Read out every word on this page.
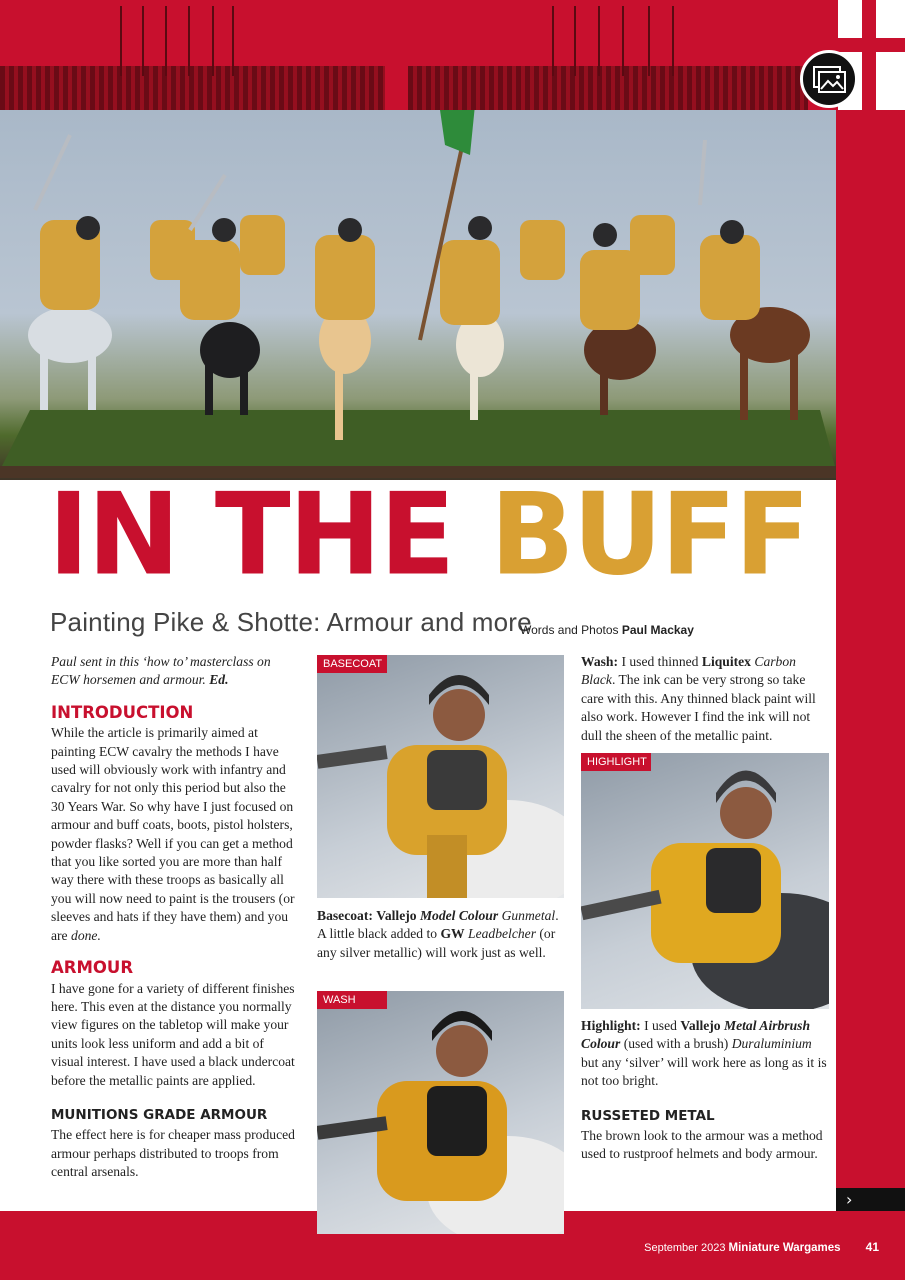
IN THE BUFF
Painting Pike & Shotte: Armour and more
Words and Photos Paul Mackay

Paul sent in this ‘how to’ masterclass on ECW horsemen and armour. Ed.

INTRODUCTION

While the article is primarily aimed at painting ECW cavalry the methods I have used will obviously work with infantry and cavalry for not only this period but also the 30 Years War. So why have I just focused on armour and buff coats, boots, pistol holsters, powder flasks? Well if you can get a method that you like sorted you are more than half way there with these troops as basically all you will now need to paint is the trousers (or sleeves and hats if they have them) and you are done.

ARMOUR

I have gone for a variety of different finishes here. This even at the distance you normally view figures on the tabletop will make your units look less uniform and add a bit of visual interest. I have used a black undercoat before the metallic paints are applied.

MUNITIONS GRADE ARMOUR

The effect here is for cheaper mass produced armour perhaps distributed to troops from central arsenals.

BASECOAT
Basecoat: Vallejo Model Colour Gunmetal. A little black added to GW Leadbelcher (or any silver metallic) will work just as well.
WASH

Wash: I used thinned Liquitex Carbon Black. The ink can be very strong so take care with this. Any thinned black paint will also work. However I find the ink will not dull the sheen of the metallic paint.

HIGHLIGHT

Highlight: I used Vallejo Metal Airbrush Colour (used with a brush) Duraluminium but any ‘silver’ will work here as long as it is not too bright.

RUSSETED METAL

The brown look to the armour was a method used to rustproof helmets and body armour.

›
September 2023 Miniature Wargames 41
